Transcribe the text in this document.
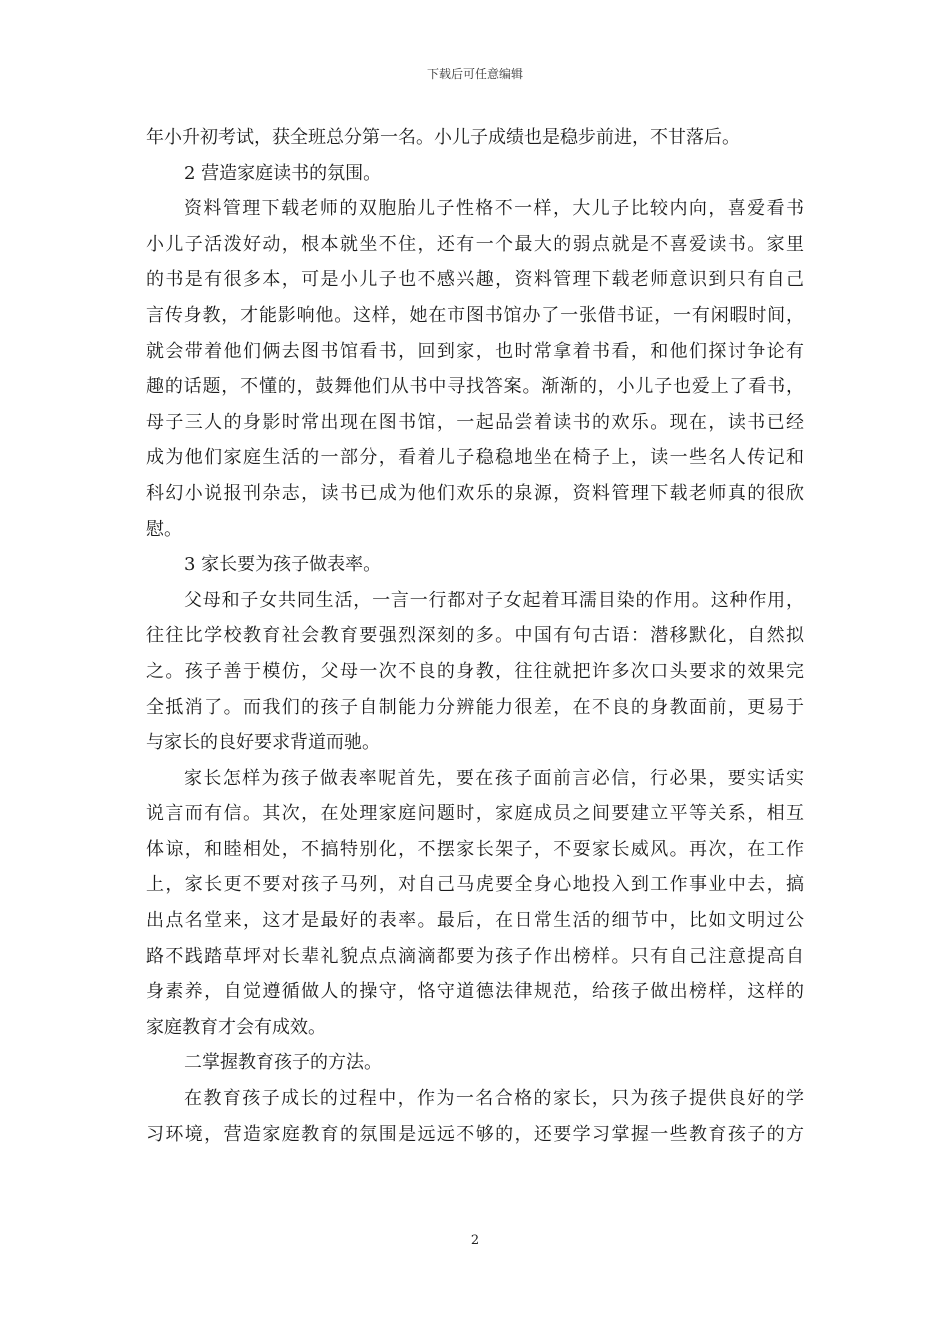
下载后可任意编辑
年小升初考试，获全班总分第一名。小儿子成绩也是稳步前进，不甘落后。
2 营造家庭读书的氛围。
资料管理下载老师的双胞胎儿子性格不一样，大儿子比较内向，喜爱看书
小儿子活泼好动，根本就坐不住，还有一个最大的弱点就是不喜爱读书。家里
的书是有很多本，可是小儿子也不感兴趣，资料管理下载老师意识到只有自己
言传身教，才能影响他。这样，她在市图书馆办了一张借书证，一有闲暇时间，
就会带着他们俩去图书馆看书，回到家，也时常拿着书看，和他们探讨争论有
趣的话题，不懂的，鼓舞他们从书中寻找答案。渐渐的，小儿子也爱上了看书，
母子三人的身影时常出现在图书馆，一起品尝着读书的欢乐。现在，读书已经
成为他们家庭生活的一部分，看着儿子稳稳地坐在椅子上，读一些名人传记和
科幻小说报刊杂志，读书已成为他们欢乐的泉源，资料管理下载老师真的很欣
慰。
3 家长要为孩子做表率。
父母和子女共同生活，一言一行都对子女起着耳濡目染的作用。这种作用，
往往比学校教育社会教育要强烈深刻的多。中国有句古语：潜移默化，自然拟
之。孩子善于模仿，父母一次不良的身教，往往就把许多次口头要求的效果完
全抵消了。而我们的孩子自制能力分辨能力很差，在不良的身教面前，更易于
与家长的良好要求背道而驰。
家长怎样为孩子做表率呢首先，要在孩子面前言必信，行必果，要实话实
说言而有信。其次，在处理家庭问题时，家庭成员之间要建立平等关系，相互
体谅，和睦相处，不搞特别化，不摆家长架子，不耍家长威风。再次，在工作
上，家长更不要对孩子马列，对自己马虎要全身心地投入到工作事业中去，搞
出点名堂来，这才是最好的表率。最后，在日常生活的细节中，比如文明过公
路不践踏草坪对长辈礼貌点点滴滴都要为孩子作出榜样。只有自己注意提高自
身素养，自觉遵循做人的操守，恪守道德法律规范，给孩子做出榜样，这样的
家庭教育才会有成效。
二掌握教育孩子的方法。
在教育孩子成长的过程中，作为一名合格的家长，只为孩子提供良好的学
习环境，营造家庭教育的氛围是远远不够的，还要学习掌握一些教育孩子的方
2
